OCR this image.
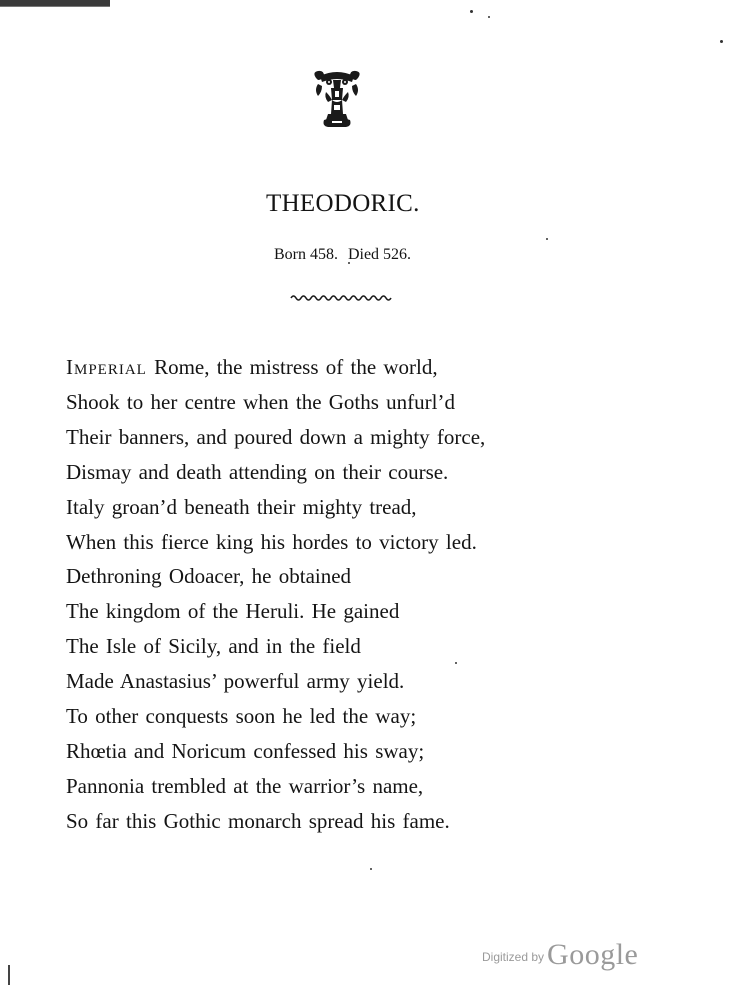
THEODORIC.
Born 458. Died 526.
Imperial Rome, the mistress of the world,
Shook to her centre when the Goths unfurl’d
Their banners, and poured down a mighty force,
Dismay and death attending on their course.
Italy groan’d beneath their mighty tread,
When this fierce king his hordes to victory led.
Dethroning Odoacer, he obtained
The kingdom of the Heruli. He gained
The Isle of Sicily, and in the field
Made Anastasius’ powerful army yield.
To other conquests soon he led the way;
Rhœtia and Noricum confessed his sway;
Pannonia trembled at the warrior’s name,
So far this Gothic monarch spread his fame.
Digitized by Google
